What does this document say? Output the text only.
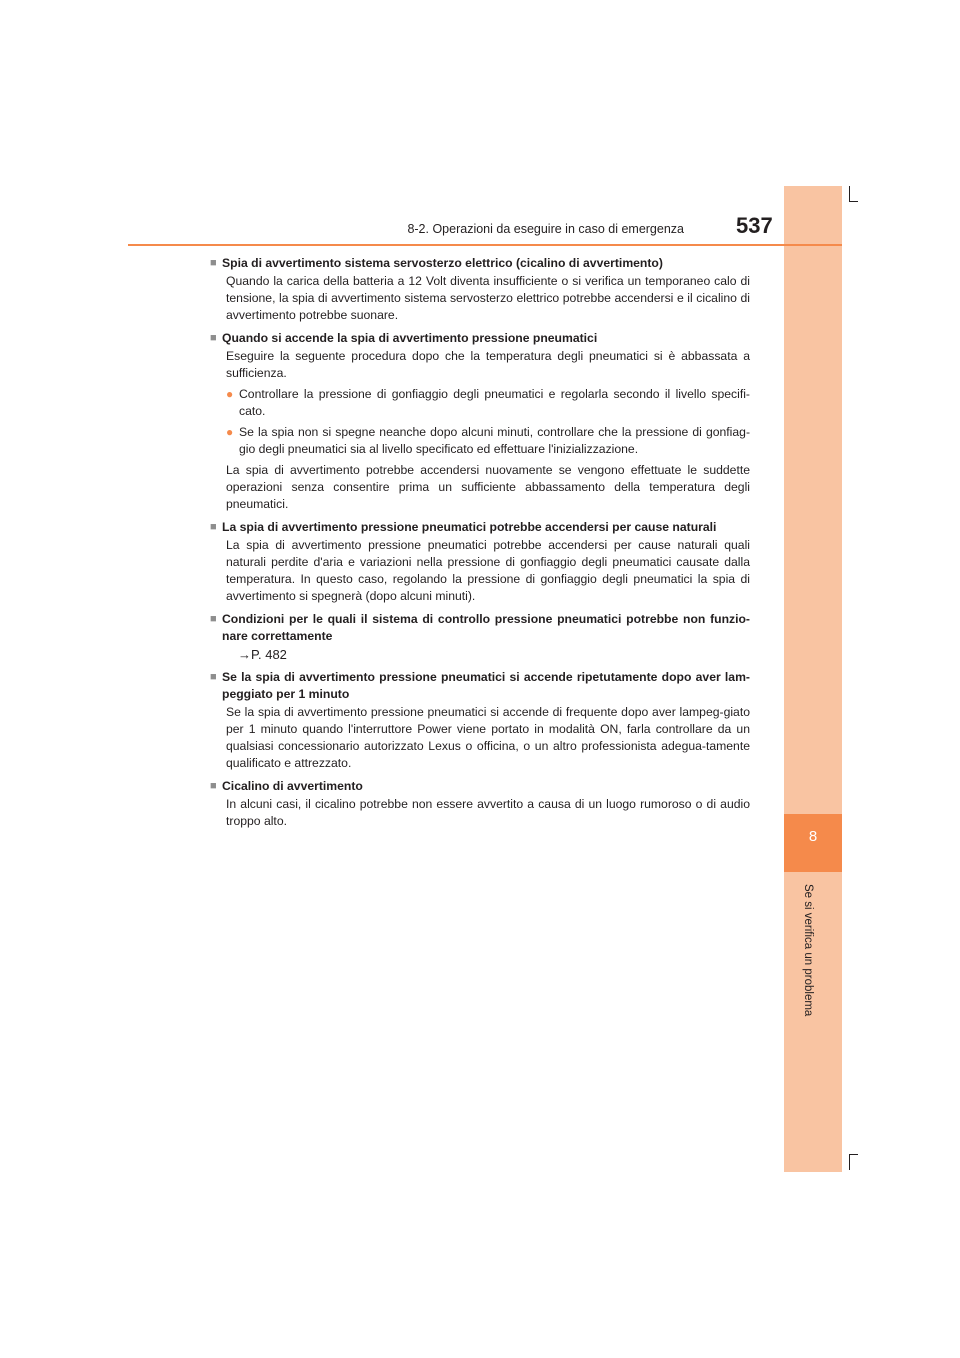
8
Se si verifica un problema
8-2. Operazioni da eseguire in caso di emergenza 537
■ Spia di avvertimento sistema servosterzo elettrico (cicalino di avvertimento)
Quando la carica della batteria a 12 Volt diventa insufficiente o si verifica un temporaneo calo di tensione, la spia di avvertimento sistema servosterzo elettrico potrebbe accendersi e il cicalino di avvertimento potrebbe suonare.
■ Quando si accende la spia di avvertimento pressione pneumatici
Eseguire la seguente procedura dopo che la temperatura degli pneumatici si è abbassata a sufficienza.
● Controllare la pressione di gonfiaggio degli pneumatici e regolarla secondo il livello specifi-cato.
● Se la spia non si spegne neanche dopo alcuni minuti, controllare che la pressione di gonfiag-gio degli pneumatici sia al livello specificato ed effettuare l'inizializzazione.
La spia di avvertimento potrebbe accendersi nuovamente se vengono effettuate le suddette operazioni senza consentire prima un sufficiente abbassamento della temperatura degli pneumatici.
■ La spia di avvertimento pressione pneumatici potrebbe accendersi per cause naturali
La spia di avvertimento pressione pneumatici potrebbe accendersi per cause naturali quali naturali perdite d'aria e variazioni nella pressione di gonfiaggio degli pneumatici causate dalla temperatura. In questo caso, regolando la pressione di gonfiaggio degli pneumatici la spia di avvertimento si spegnerà (dopo alcuni minuti).
■ Condizioni per le quali il sistema di controllo pressione pneumatici potrebbe non funzio-nare correttamente
→P. 482
■ Se la spia di avvertimento pressione pneumatici si accende ripetutamente dopo aver lam-peggiato per 1 minuto
Se la spia di avvertimento pressione pneumatici si accende di frequente dopo aver lampeg-giato per 1 minuto quando l'interruttore Power viene portato in modalità ON, farla controllare da un qualsiasi concessionario autorizzato Lexus o officina, o un altro professionista adegua-tamente qualificato e attrezzato.
■ Cicalino di avvertimento
In alcuni casi, il cicalino potrebbe non essere avvertito a causa di un luogo rumoroso o di audio troppo alto.
